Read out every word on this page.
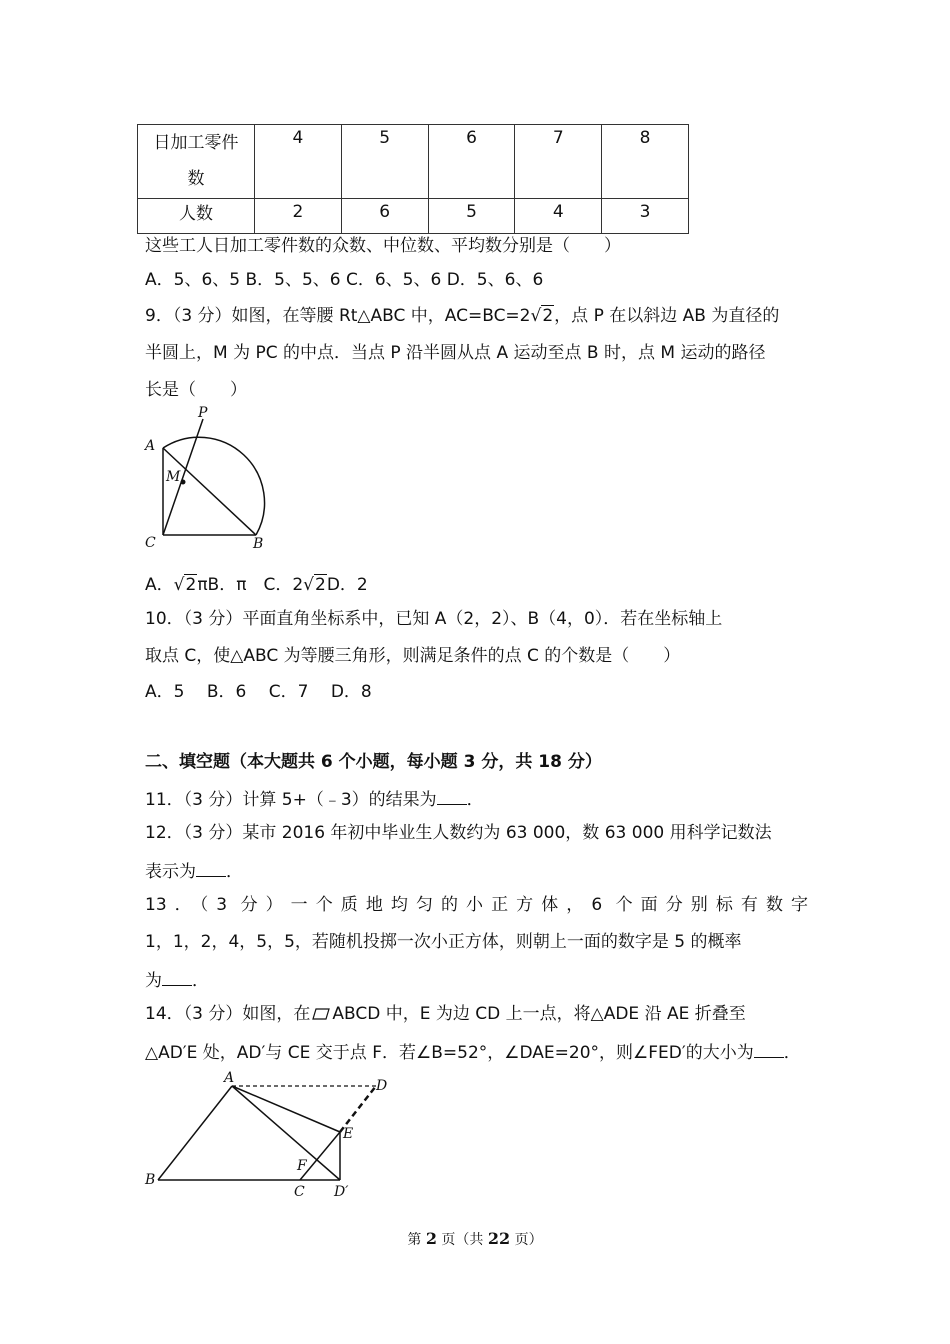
日加工零件
数	4	5	6	7	8
人数	2	6	5	4	3
这些工人日加工零件数的众数、中位数、平均数分别是（　　）
A．5、6、5 B．5、5、6 C．6、5、6 D．5、6、6
9．（3 分）如图，在等腰 Rt△ABC 中，AC=BC=2√2，点 P 在以斜边 AB 为直径的
半圆上，M 为 PC 的中点．当点 P 沿半圆从点 A 运动至点 B 时，点 M 运动的路径
长是（　　）
A
P
M
C	B
A．√2πB．π　C．2√2D．2
10．（3 分）平面直角坐标系中，已知 A（2，2）、B（4，0）．若在坐标轴上
取点 C，使△ABC 为等腰三角形，则满足条件的点 C 的个数是（　　）
A．5　 B．6　 C．7　 D．8
二、填空题（本大题共 6 个小题，每小题 3 分，共 18 分）
11．（3 分）计算 5+（﹣3）的结果为 ．
12．（3 分）某市 2016 年初中毕业生人数约为 63 000，数 63 000 用科学记数法
表示为 ．
13．（3 分）一个质地均匀的小正方体，6 个面分别标有数字
1，1，2，4，5，5，若随机投掷一次小正方体，则朝上一面的数字是 5 的概率
为 ．
14．（3 分）如图，在 ABCD 中，E 为边 CD 上一点，将△ADE 沿 AE 折叠至
△AD′E 处，AD′与 CE 交于点 F．若∠B=52°，∠DAE=20°，则∠FED′的大小为 ．
A	D
E
F
B
C D′
第 2 页（共 22 页）
